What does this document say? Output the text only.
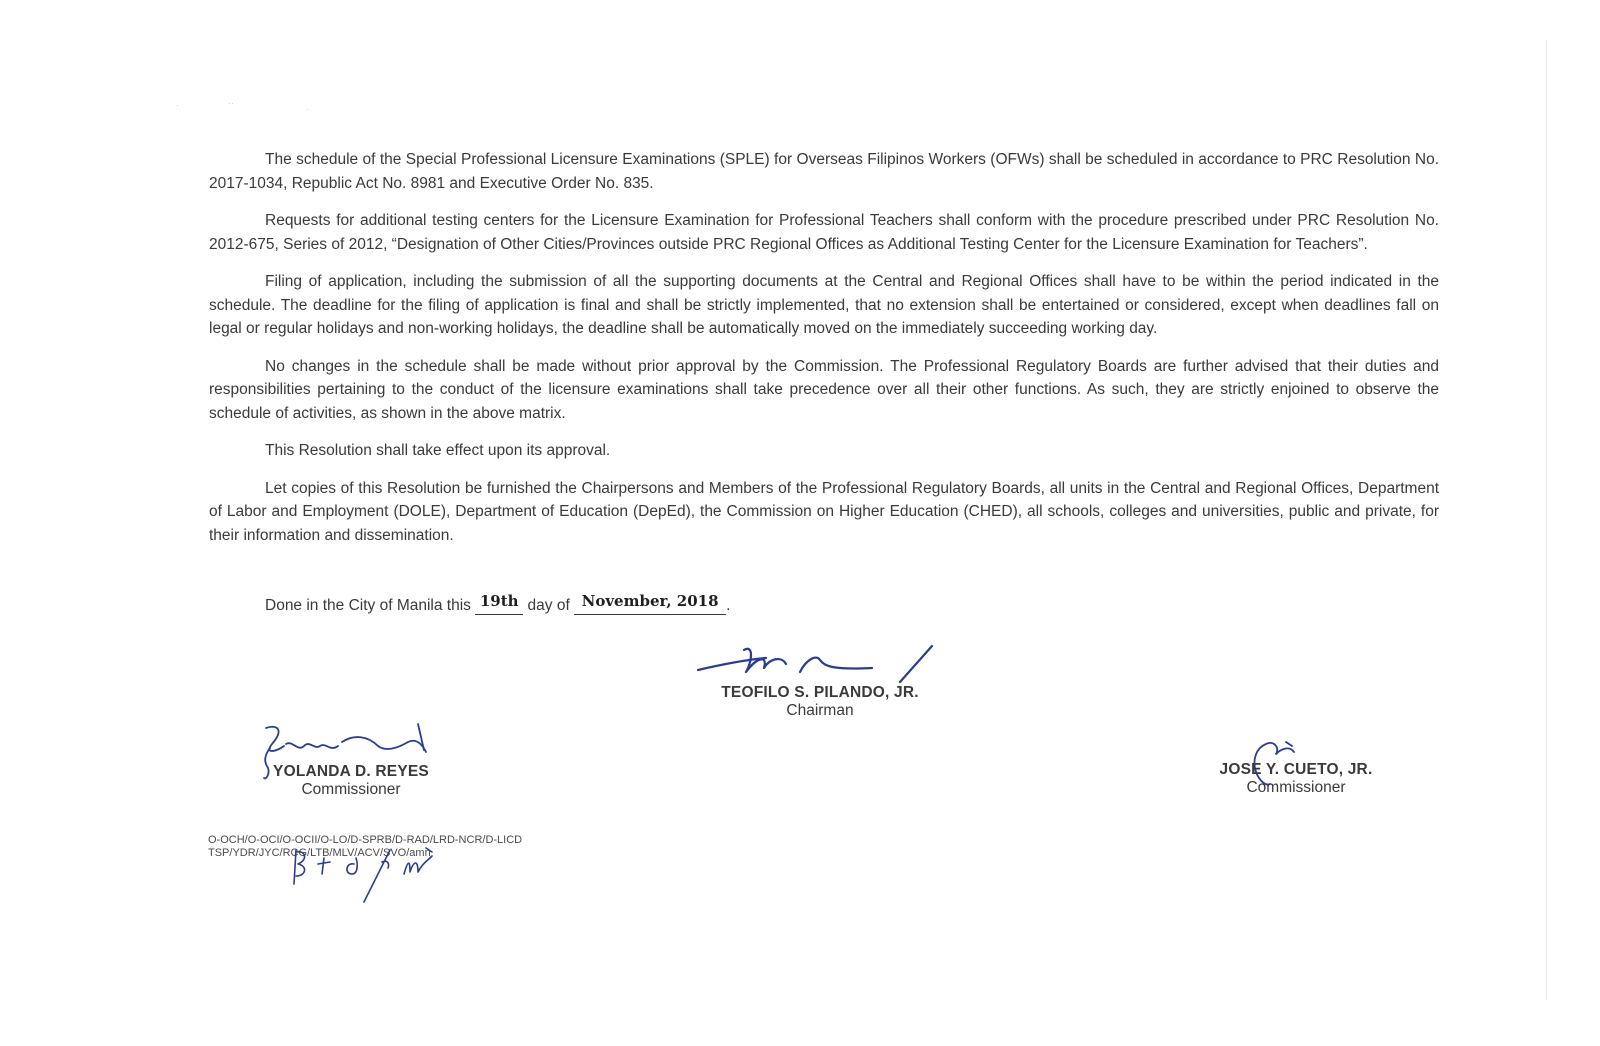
·	··
·

The schedule of the Special Professional Licensure Examinations (SPLE) for Overseas Filipinos Workers (OFWs) shall be scheduled in accordance to PRC Resolution No. 2017-1034, Republic Act No. 8981 and Executive Order No. 835.

Requests for additional testing centers for the Licensure Examination for Professional Teachers shall conform with the procedure prescribed under PRC Resolution No. 2012-675, Series of 2012, “Designation of Other Cities/Provinces outside PRC Regional Offices as Additional Testing Center for the Licensure Examination for Teachers”.

Filing of application, including the submission of all the supporting documents at the Central and Regional Offices shall have to be within the period indicated in the schedule. The deadline for the filing of application is final and shall be strictly implemented, that no extension shall be entertained or considered, except when deadlines fall on legal or regular holidays and non-working holidays, the deadline shall be automatically moved on the immediately succeeding working day.

No changes in the schedule shall be made without prior approval by the Commission. The Professional Regulatory Boards are further advised that their duties and responsibilities pertaining to the conduct of the licensure examinations shall take precedence over all their other functions. As such, they are strictly enjoined to observe the schedule of activities, as shown in the above matrix.

This Resolution shall take effect upon its approval.

Let copies of this Resolution be furnished the Chairpersons and Members of the Professional Regulatory Boards, all units in the Central and Regional Offices, Department of Labor and Employment (DOLE), Department of Education (DepEd), the Commission on Higher Education (CHED), all schools, colleges and universities, public and private, for their information and dissemination.

Done in the City of Manila this 19th day of November, 2018 .
TEOFILO S. PILANDO, JR.
Chairman
YOLANDA D. REYES
Commissioner
JOSE Y. CUETO, JR.
Commissioner
O-OCH/O-OCI/O-OCII/O-LO/D-SPRB/D-RAD/LRD-NCR/D-LICD
TSP/YDR/JYC/RCG/LTB/MLV/ACV/SVO/amn
